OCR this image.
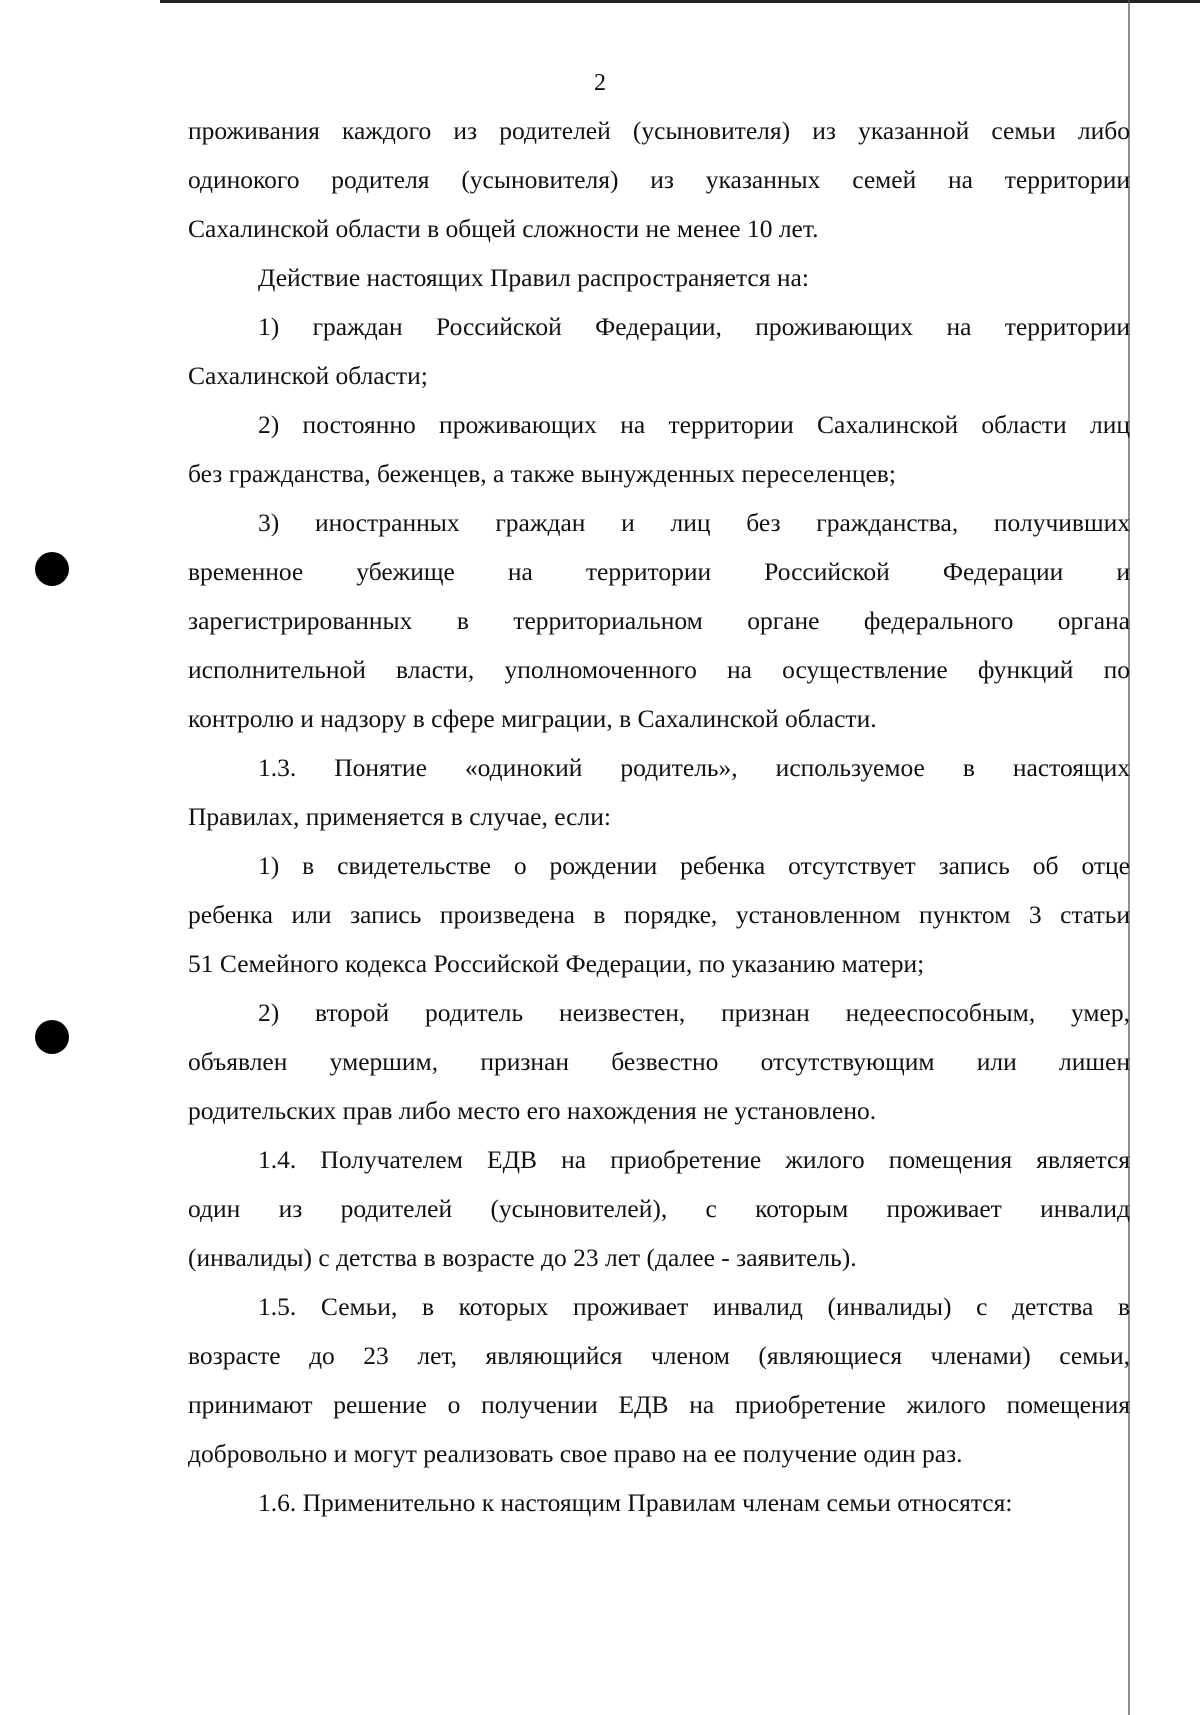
2
проживания каждого из родителей (усыновителя) из указанной семьи либо
одинокого родителя (усыновителя) из указанных семей на территории
Сахалинской области в общей сложности не менее 10 лет.
Действие настоящих Правил распространяется на:
1) граждан Российской Федерации, проживающих на территории
Сахалинской области;
2) постоянно проживающих на территории Сахалинской области лиц
без гражданства, беженцев, а также вынужденных переселенцев;
3) иностранных граждан и лиц без гражданства, получивших
временное убежище на территории Российской Федерации и
зарегистрированных в территориальном органе федерального органа
исполнительной власти, уполномоченного на осуществление функций по
контролю и надзору в сфере миграции, в Сахалинской области.
1.3. Понятие «одинокий родитель», используемое в настоящих
Правилах, применяется в случае, если:
1) в свидетельстве о рождении ребенка отсутствует запись об отце
ребенка или запись произведена в порядке, установленном пунктом 3 статьи
51 Семейного кодекса Российской Федерации, по указанию матери;
2) второй родитель неизвестен, признан недееспособным, умер,
объявлен умершим, признан безвестно отсутствующим или лишен
родительских прав либо место его нахождения не установлено.
1.4. Получателем ЕДВ на приобретение жилого помещения является
один из родителей (усыновителей), с которым проживает инвалид
(инвалиды) с детства в возрасте до 23 лет (далее - заявитель).
1.5. Семьи, в которых проживает инвалид (инвалиды) с детства в
возрасте до 23 лет, являющийся членом (являющиеся членами) семьи,
принимают решение о получении ЕДВ на приобретение жилого помещения
добровольно и могут реализовать свое право на ее получение один раз.
1.6. Применительно к настоящим Правилам членам семьи относятся:
